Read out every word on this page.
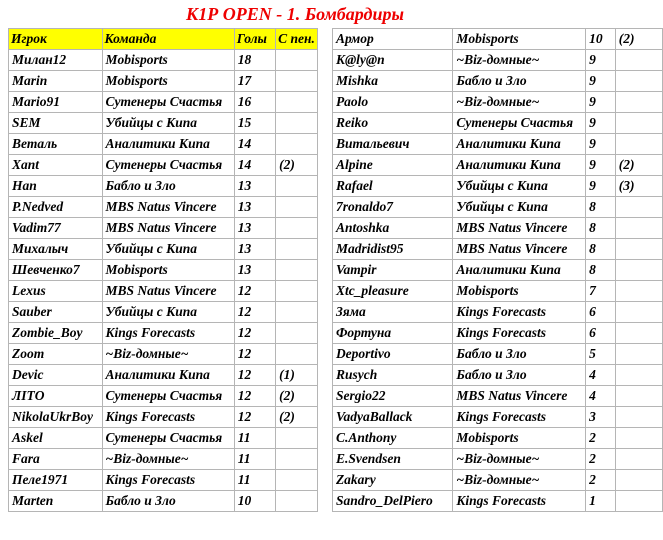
К1Р OPEN - 1. Бомбардиры
Игрок	Команда	Голы	С пен.
Милан12	Mobisports	18	
Marin	Mobisports	17	
Mario91	Сутенеры Счастья	16	
SEM	Убийцы с Кипа	15	
Веталь	Аналитики Кипа	14	
Xant	Сутенеры Счастья	14	(2)
Han	Бабло и Зло	13	
P.Nedved	MBS Natus Vincere	13	
Vadim77	MBS Natus Vincere	13	
Михалыч	Убийцы с Кипа	13	
Шевченко7	Mobisports	13	
Lexus	MBS Natus Vincere	12	
Sauber	Убийцы с Кипа	12	
Zombie_Boy	Kings Forecasts	12	
Zoom	~Biz-домные~	12	
Devic	Аналитики Кипа	12	(1)
ЛІТО	Сутенеры Счастья	12	(2)
NikolaUkrBoy	Kings Forecasts	12	(2)
Askel	Сутенеры Счастья	11	
Fara	~Biz-домные~	11	
Пеле1971	Kings Forecasts	11	
Marten	Бабло и Зло	10	
Армор	Mobisports	10	(2)
K@ly@n	~Biz-домные~	9	
Mishka	Бабло и Зло	9	
Paolo	~Biz-домные~	9	
Reiko	Сутенеры Счастья	9	
Витальевич	Аналитики Кипа	9	
Alpine	Аналитики Кипа	9	(2)
Rafael	Убийцы с Кипа	9	(3)
7ronaldo7	Убийцы с Кипа	8	
Antoshka	MBS Natus Vincere	8	
Madridist95	MBS Natus Vincere	8	
Vampir	Аналитики Кипа	8	
Xtc_pleasure	Mobisports	7	
Зяма	Kings Forecasts	6	
Фортуна	Kings Forecasts	6	
Deportivo	Бабло и Зло	5	
Rusych	Бабло и Зло	4	
Sergio22	MBS Natus Vincere	4	
VadyaBallack	Kings Forecasts	3	
C.Anthony	Mobisports	2	
E.Svendsen	~Biz-домные~	2	
Zakary	~Biz-домные~	2	
Sandro_DelPiero	Kings Forecasts	1	
